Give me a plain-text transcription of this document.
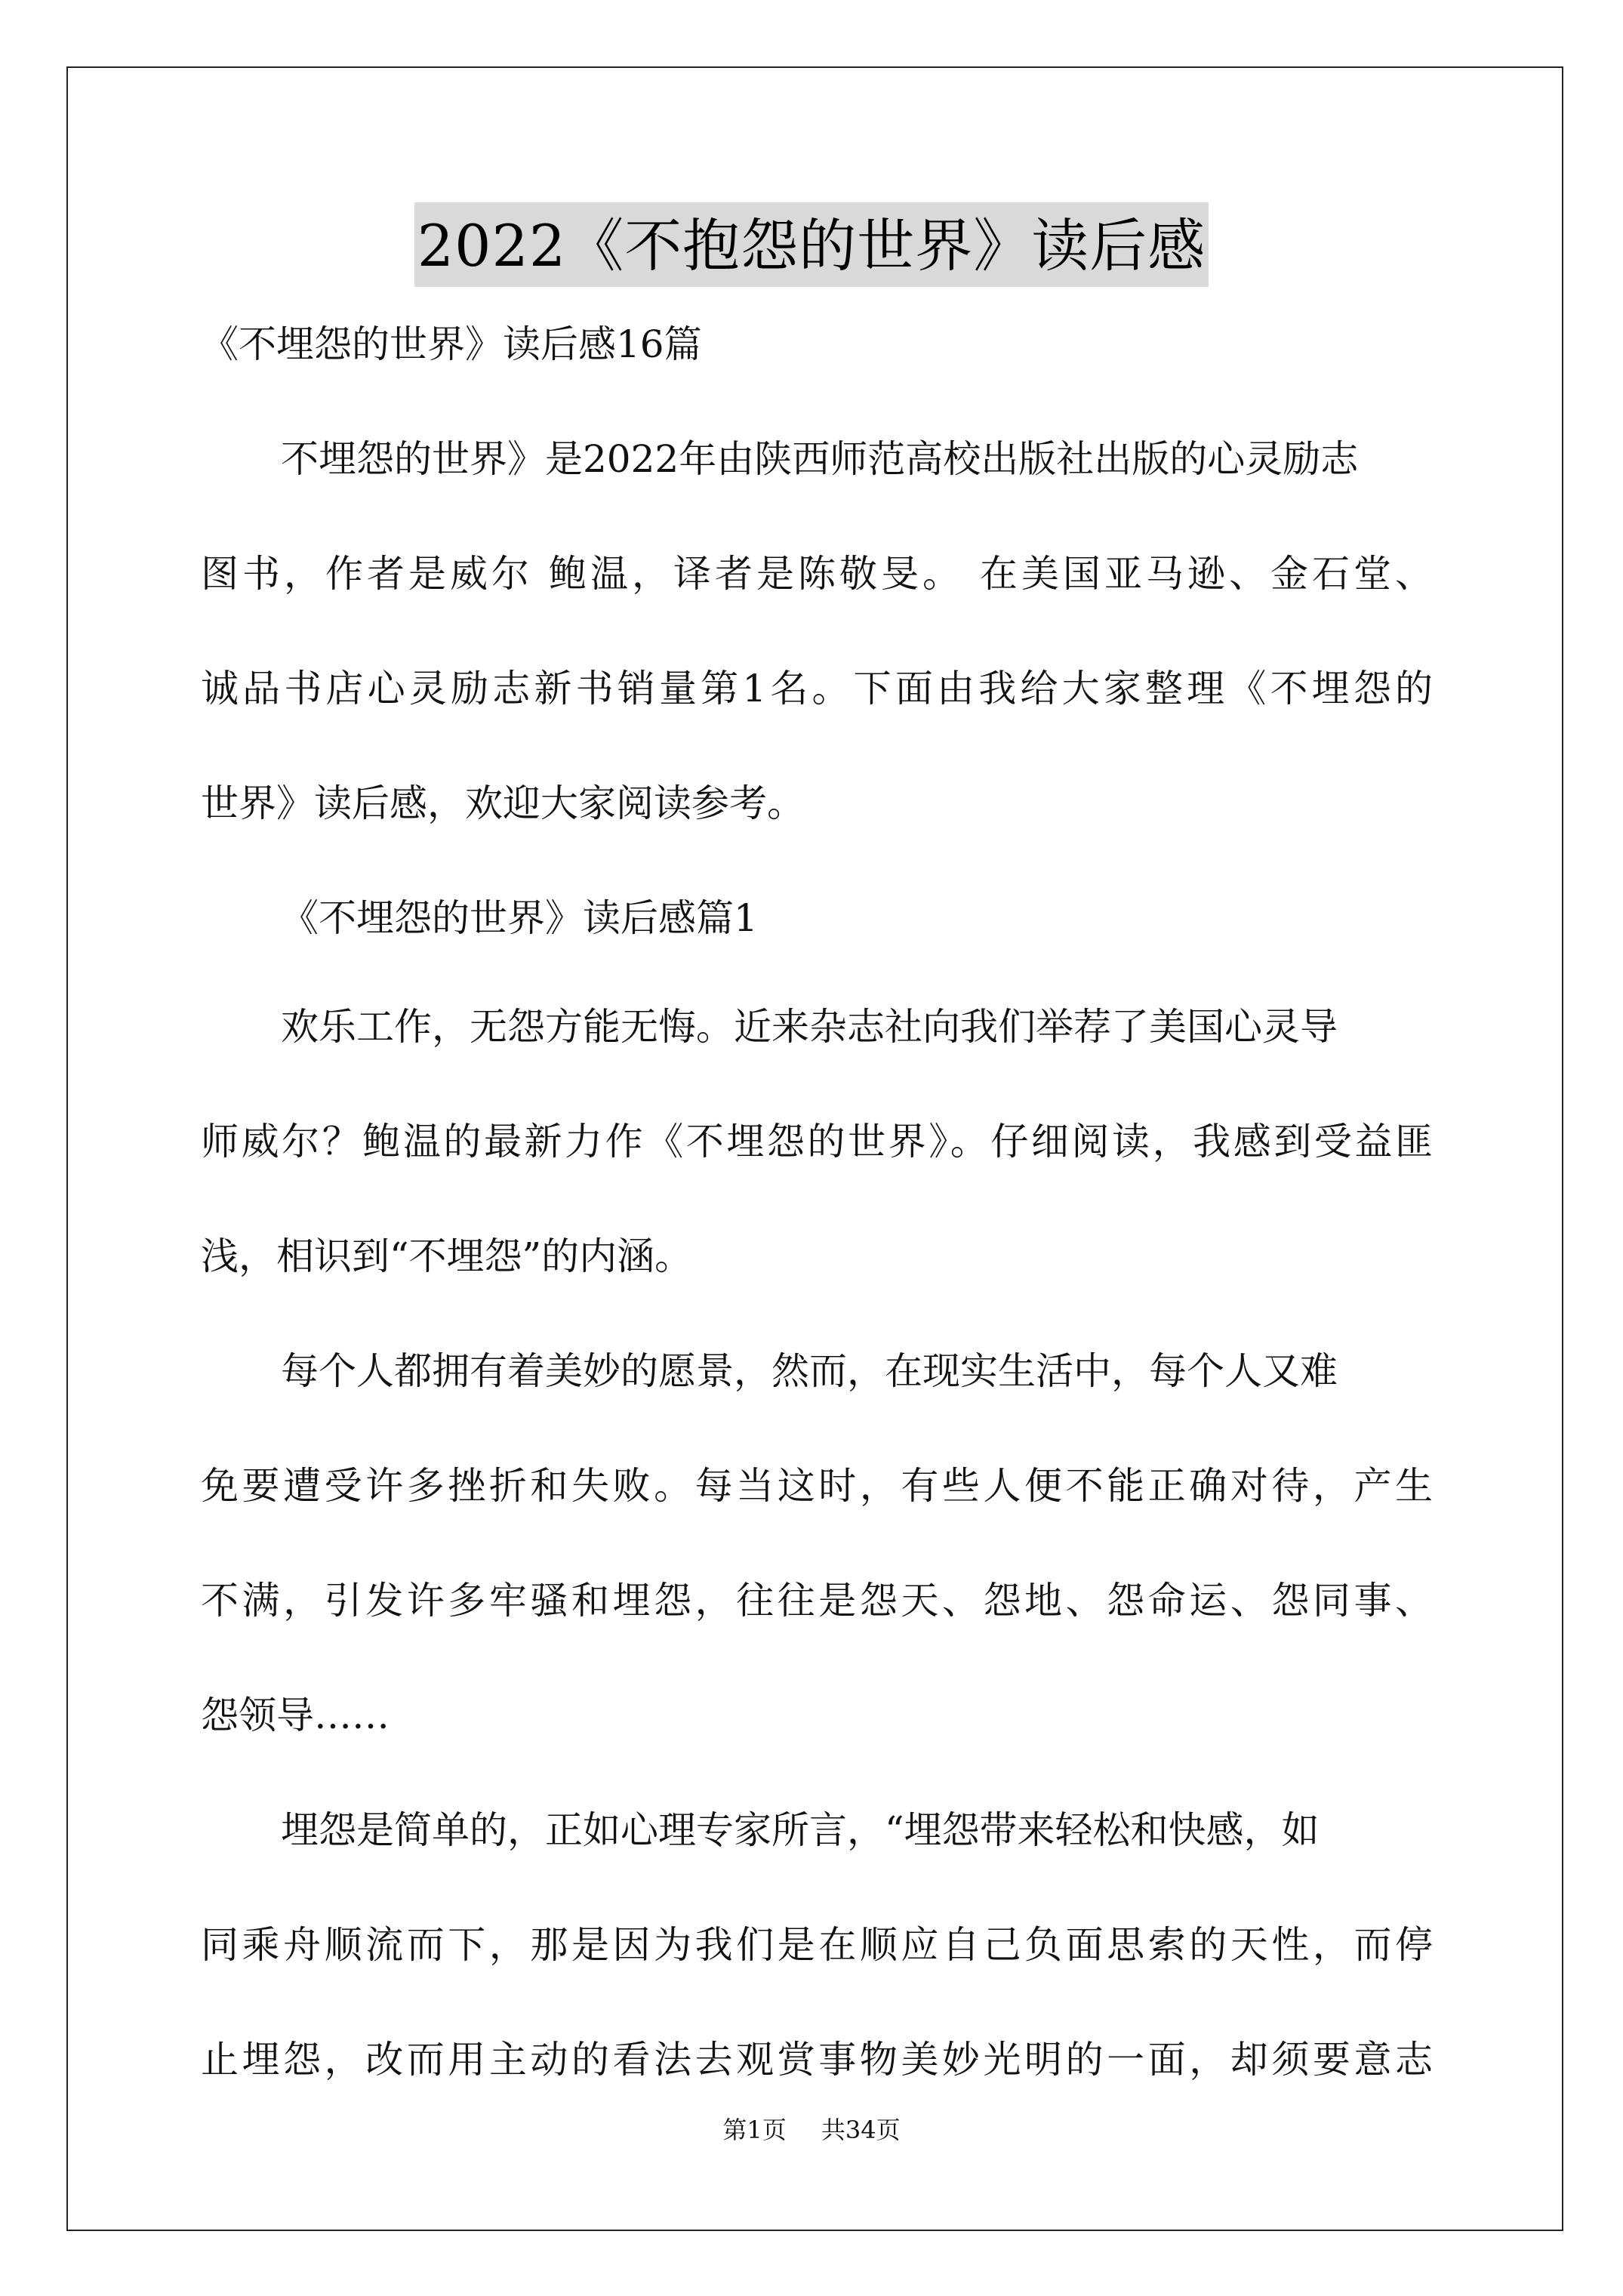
2022《不抱怨的世界》读后感
《不埋怨的世界》读后感16篇
不埋怨的世界》是2022年由陕西师范高校出版社出版的心灵励志
图书，作者是威尔 鲍温，译者是陈敬旻。 在美国亚马逊、金石堂、
诚品书店心灵励志新书销量第1名。下面由我给大家整理《不埋怨的
世界》读后感，欢迎大家阅读参考。
《不埋怨的世界》读后感篇1
欢乐工作，无怨方能无悔。近来杂志社向我们举荐了美国心灵导
师威尔？鲍温的最新力作《不埋怨的世界》。仔细阅读，我感到受益匪
浅，相识到“不埋怨”的内涵。
每个人都拥有着美妙的愿景，然而，在现实生活中，每个人又难
免要遭受许多挫折和失败。每当这时，有些人便不能正确对待，产生
不满，引发许多牢骚和埋怨，往往是怨天、怨地、怨命运、怨同事、
怨领导……
埋怨是简单的，正如心理专家所言，“埋怨带来轻松和快感，如
同乘舟顺流而下，那是因为我们是在顺应自己负面思索的天性，而停
止埋怨，改而用主动的看法去观赏事物美妙光明的一面，却须要意志
第1页 共34页
